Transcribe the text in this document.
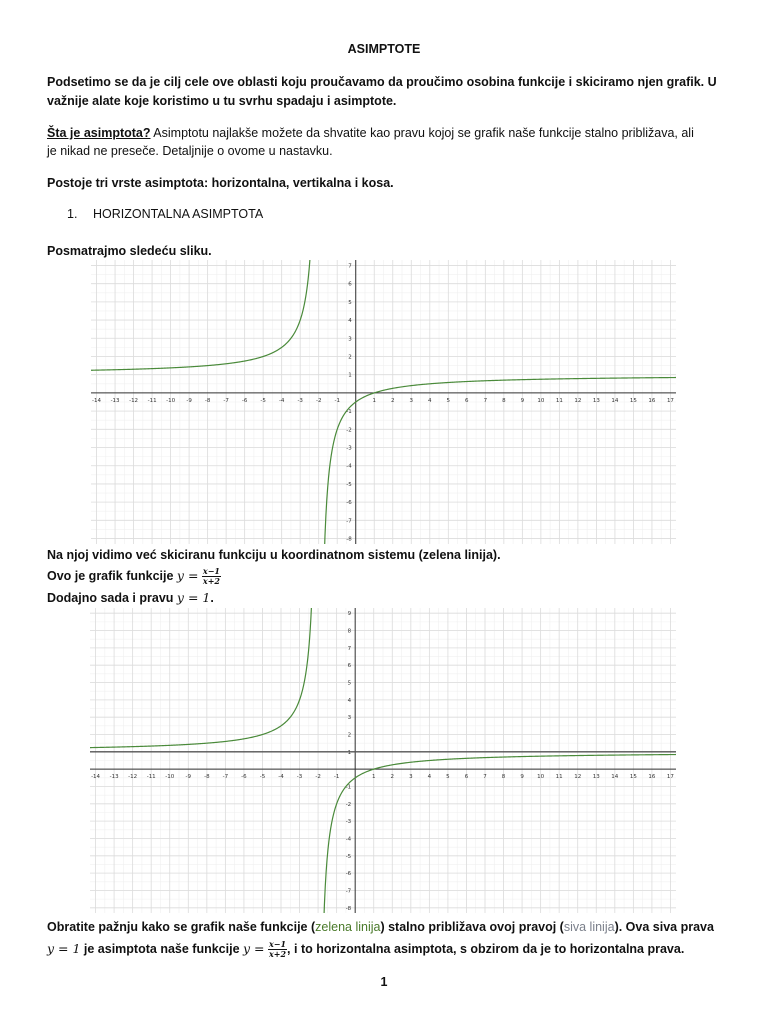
ASIMPTOTE
Podsetimo se da je cilj cele ove oblasti koju proučavamo da proučimo osobina funkcije i skiciramo njen grafik. U
važnije alate koje koristimo u tu svrhu spadaju i asimptote.
Šta je asimptota? Asimptotu najlakše možete da shvatite kao pravu kojoj se grafik naše funkcije stalno približava, ali
je nikad ne preseče. Detaljnije o ovome u nastavku.
Postoje tri vrste asimptota: horizontalna, vertikalna i kosa.
1. HORIZONTALNA ASIMPTOTA
Posmatrajmo sledeću sliku.
-14 -13 -12 -11 -10 -9 -8 -7 -6 -5 -4 -3 -2 -1	1	2	3	4	5	6	7	8	9 10 11 12 13 14 15 16 17
7
6
5
4
3
2
1
-1
-2
-3
-4
-5
-6
-7
-8
Na njoj vidimo već skiciranu funkciju u koordinatnom sistemu (zelena linija).
Ovo je grafik funkcije $y = \frac{x-1}{x+2}$
Dodajno sada i pravu y = 1.
-14 -13 -12 -11 -10 -9 -8 -7 -6 -5 -4 -3 -2 -1	1	2	3	4	5	6	7	8	9 10 11 12 13 14 15 16 17
9
8
7
6
5
4
3
2
1
-1
-2
-3
-4
-5
-6
-7
-8
Obratite pažnju kako se grafik naše funkcije (zelena linija) stalno približava ovoj pravoj (siva linija). Ova siva prava
y = 1 je asimptota naše funkcije $y = \frac{x-1}{x+2}$ , i to horizontalna asimptota, s obzirom da je to horizontalna prava.
1
